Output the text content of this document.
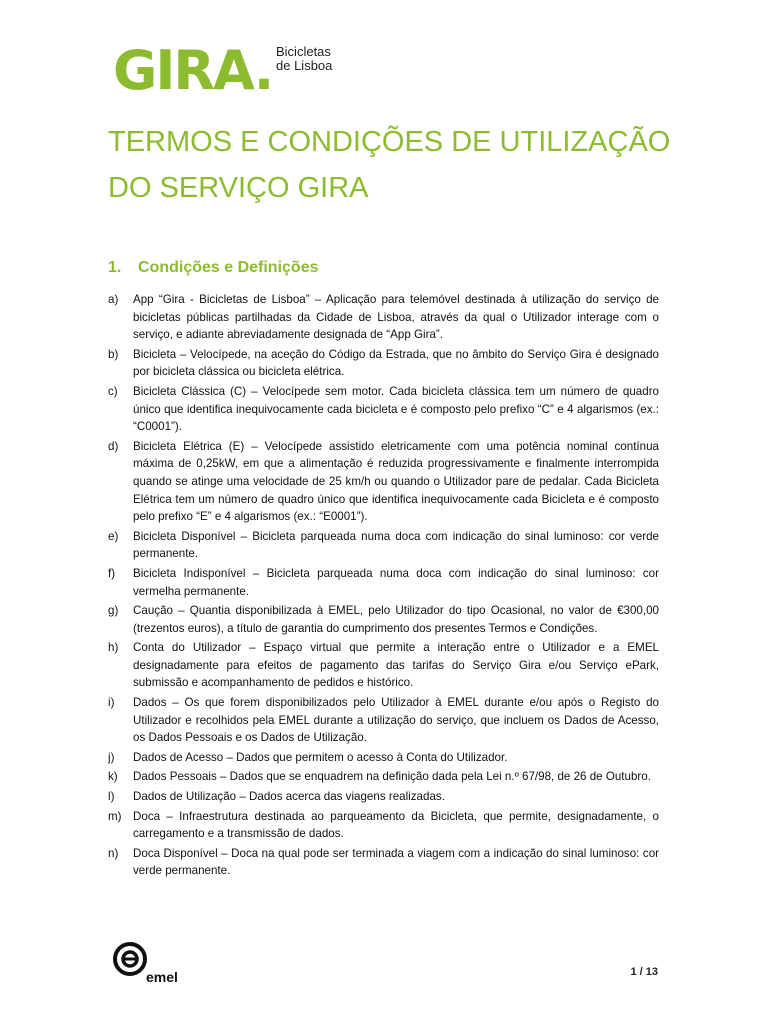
GIRA. Bicicletas
de Lisboa
TERMOS E CONDIÇÕES DE UTILIZAÇÃO
DO SERVIÇO GIRA
1. Condições e Definições
a) App “Gira - Bicicletas de Lisboa” – Aplicação para telemóvel destinada à utilização do serviço de bicicletas públicas partilhadas da Cidade de Lisboa, através da qual o Utilizador interage com o serviço, e adiante abreviadamente designada de “App Gira”.
b) Bicicleta – Velocípede, na aceção do Código da Estrada, que no âmbito do Serviço Gira é designado por bicicleta clássica ou bicicleta elétrica.
c) Bicicleta Clássica (C) – Velocípede sem motor. Cada bicicleta clássica tem um número de quadro único que identifica inequivocamente cada bicicleta e é composto pelo prefixo “C” e 4 algarismos (ex.: “C0001”).
d) Bicicleta Elétrica (E) – Velocípede assistido eletricamente com uma potência nominal contínua máxima de 0,25kW, em que a alimentação é reduzida progressivamente e finalmente interrompida quando se atinge uma velocidade de 25 km/h ou quando o Utilizador pare de pedalar. Cada Bicicleta Elétrica tem um número de quadro único que identifica inequivocamente cada Bicicleta e é composto pelo prefixo “E” e 4 algarismos (ex.: “E0001”).
e) Bicicleta Disponível – Bicicleta parqueada numa doca com indicação do sinal luminoso: cor verde permanente.
f) Bicicleta Indisponível – Bicicleta parqueada numa doca com indicação do sinal luminoso: cor vermelha permanente.
g) Caução – Quantia disponibilizada à EMEL, pelo Utilizador do tipo Ocasional, no valor de €300,00 (trezentos euros), a título de garantia do cumprimento dos presentes Termos e Condições.
h) Conta do Utilizador – Espaço virtual que permite a interação entre o Utilizador e a EMEL designadamente para efeitos de pagamento das tarifas do Serviço Gira e/ou Serviço ePark, submissão e acompanhamento de pedidos e histórico.
i) Dados – Os que forem disponibilizados pelo Utilizador à EMEL durante e/ou após o Registo do Utilizador e recolhidos pela EMEL durante a utilização do serviço, que incluem os Dados de Acesso, os Dados Pessoais e os Dados de Utilização.
j) Dados de Acesso – Dados que permitem o acesso à Conta do Utilizador.
k) Dados Pessoais – Dados que se enquadrem na definição dada pela Lei n.º 67/98, de 26 de Outubro.
l) Dados de Utilização – Dados acerca das viagens realizadas.
m) Doca – Infraestrutura destinada ao parqueamento da Bicicleta, que permite, designadamente, o carregamento e a transmissão de dados.
n) Doca Disponível – Doca na qual pode ser terminada a viagem com a indicação do sinal luminoso: cor verde permanente.
emel	1 / 13
